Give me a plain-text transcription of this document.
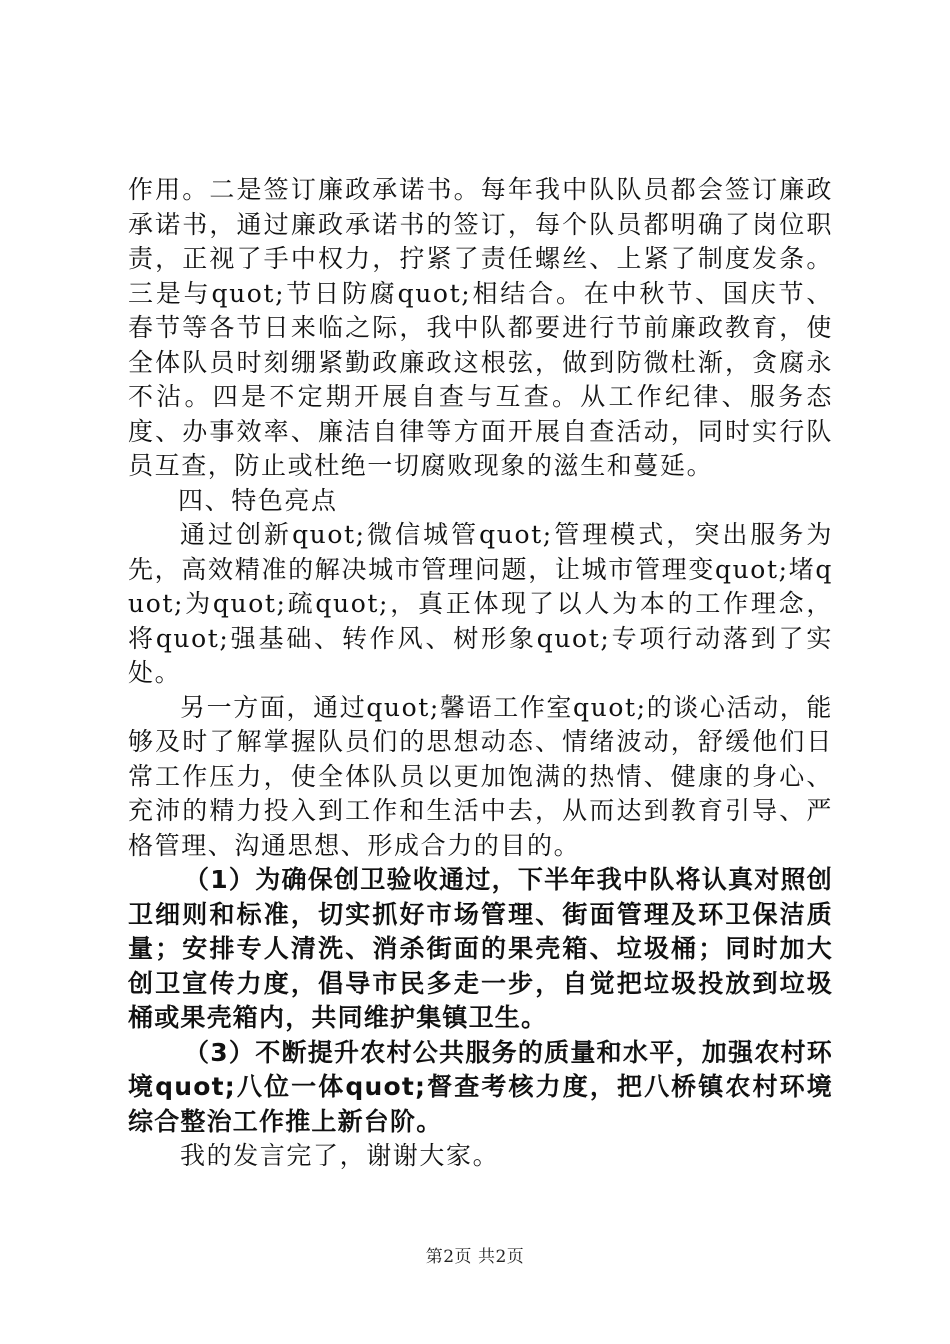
作用。二是签订廉政承诺书。每年我中队队员都会签订廉政承诺书，通过廉政承诺书的签订，每个队员都明确了岗位职责，正视了手中权力，拧紧了责任螺丝、上紧了制度发条。三是与quot;节日防腐quot;相结合。在中秋节、国庆节、春节等各节日来临之际，我中队都要进行节前廉政教育，使全体队员时刻绷紧勤政廉政这根弦，做到防微杜渐，贪腐永不沾。四是不定期开展自查与互查。从工作纪律、服务态度、办事效率、廉洁自律等方面开展自查活动，同时实行队员互查，防止或杜绝一切腐败现象的滋生和蔓延。

四、特色亮点

通过创新quot;微信城管quot;管理模式，突出服务为先，高效精准的解决城市管理问题，让城市管理变quot;堵quot;为quot;疏quot;，真正体现了以人为本的工作理念，将quot;强基础、转作风、树形象quot;专项行动落到了实处。

另一方面，通过quot;馨语工作室quot;的谈心活动，能够及时了解掌握队员们的思想动态、情绪波动，舒缓他们日常工作压力，使全体队员以更加饱满的热情、健康的身心、充沛的精力投入到工作和生活中去，从而达到教育引导、严格管理、沟通思想、形成合力的目的。

（1）为确保创卫验收通过，下半年我中队将认真对照创卫细则和标准，切实抓好市场管理、街面管理及环卫保洁质量；安排专人清洗、消杀街面的果壳箱、垃圾桶；同时加大创卫宣传力度，倡导市民多走一步，自觉把垃圾投放到垃圾桶或果壳箱内，共同维护集镇卫生。

（3）不断提升农村公共服务的质量和水平，加强农村环境quot;八位一体quot;督查考核力度，把八桥镇农村环境综合整治工作推上新台阶。

我的发言完了，谢谢大家。

第2页 共2页
